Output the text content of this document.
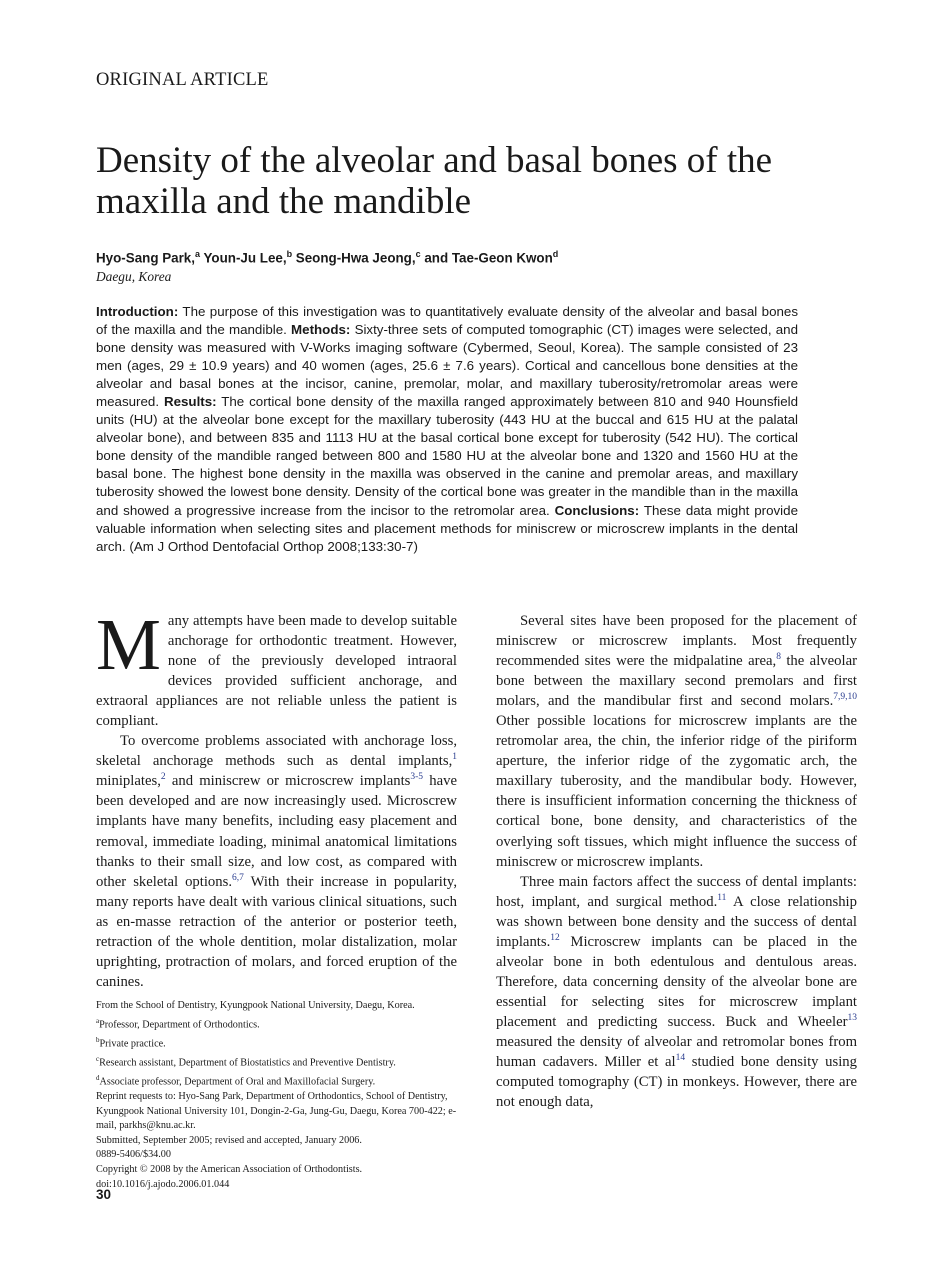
ORIGINAL ARTICLE
Density of the alveolar and basal bones of the maxilla and the mandible
Hyo-Sang Park,$^a$ Youn-Ju Lee,$^b$ Seong-Hwa Jeong,$^c$ and Tae-Geon Kwon$^d$
Daegu, Korea

Introduction: The purpose of this investigation was to quantitatively evaluate density of the alveolar and basal bones of the maxilla and the mandible. Methods: Sixty-three sets of computed tomographic (CT) images were selected, and bone density was measured with V-Works imaging software (Cybermed, Seoul, Korea). The sample consisted of 23 men (ages, 29 ± 10.9 years) and 40 women (ages, 25.6 ± 7.6 years). Cortical and cancellous bone densities at the alveolar and basal bones at the incisor, canine, premolar, molar, and maxillary tuberosity/retromolar areas were measured. Results: The cortical bone density of the maxilla ranged approximately between 810 and 940 Hounsfield units (HU) at the alveolar bone except for the maxillary tuberosity (443 HU at the buccal and 615 HU at the palatal alveolar bone), and between 835 and 1113 HU at the basal cortical bone except for tuberosity (542 HU). The cortical bone density of the mandible ranged between 800 and 1580 HU at the alveolar bone and 1320 and 1560 HU at the basal bone. The highest bone density in the maxilla was observed in the canine and premolar areas, and maxillary tuberosity showed the lowest bone density. Density of the cortical bone was greater in the mandible than in the maxilla and showed a progressive increase from the incisor to the retromolar area. Conclusions: These data might provide valuable information when selecting sites and placement methods for miniscrew or microscrew implants in the dental arch. (Am J Orthod Dentofacial Orthop 2008;133:30-7)

Many attempts have been made to develop suitable anchorage for orthodontic treatment. However, none of the previously developed intraoral devices provided sufficient anchorage, and extraoral appliances are not reliable unless the patient is compliant.

To overcome problems associated with anchorage loss, skeletal anchorage methods such as dental implants,$^1$ miniplates,$^2$ and miniscrew or microscrew implants$^{3-5}$ have been developed and are now increasingly used. Microscrew implants have many benefits, including easy placement and removal, immediate loading, minimal anatomical limitations thanks to their small size, and low cost, as compared with other skeletal options.$^{6,7}$ With their increase in popularity, many reports have dealt with various clinical situations, such as en-masse retraction of the anterior or posterior teeth, retraction of the whole dentition, molar distalization, molar uprighting, protraction of molars, and forced eruption of the canines.

Several sites have been proposed for the placement of miniscrew or microscrew implants. Most frequently recommended sites were the midpalatine area,$^8$ the alveolar bone between the maxillary second premolars and first molars, and the mandibular first and second molars.$^{7,9,10}$ Other possible locations for microscrew implants are the retromolar area, the chin, the inferior ridge of the piriform aperture, the inferior ridge of the zygomatic arch, the maxillary tuberosity, and the mandibular body. However, there is insufficient information concerning the thickness of cortical bone, bone density, and characteristics of the overlying soft tissues, which might influence the success of miniscrew or microscrew implants.

Three main factors affect the success of dental implants: host, implant, and surgical method.$^{11}$ A close relationship was shown between bone density and the success of dental implants.$^{12}$ Microscrew implants can be placed in the alveolar bone in both edentulous and dentulous areas. Therefore, data concerning density of the alveolar bone are essential for selecting sites for microscrew implant placement and predicting success. Buck and Wheeler$^{13}$ measured the density of alveolar and retromolar bones from human cadavers. Miller et $al^{14}$ studied bone density using computed tomography (CT) in monkeys. However, there are not enough data,

From the School of Dentistry, Kyungpook National University, Daegu, Korea.
$^a$Professor, Department of Orthodontics.
$^b$Private practice.
$^c$Research assistant, Department of Biostatistics and Preventive Dentistry.
$^d$Associate professor, Department of Oral and Maxillofacial Surgery.
Reprint requests to: Hyo-Sang Park, Department of Orthodontics, School of Dentistry, Kyungpook National University 101, Dongin-2-Ga, Jung-Gu, Daegu, Korea 700-422; e-mail, parkhs@knu.ac.kr.
Submitted, September 2005; revised and accepted, January 2006.
0889-5406/$34.00
Copyright © 2008 by the American Association of Orthodontists.
doi:10.1016/j.ajodo.2006.01.044
30
